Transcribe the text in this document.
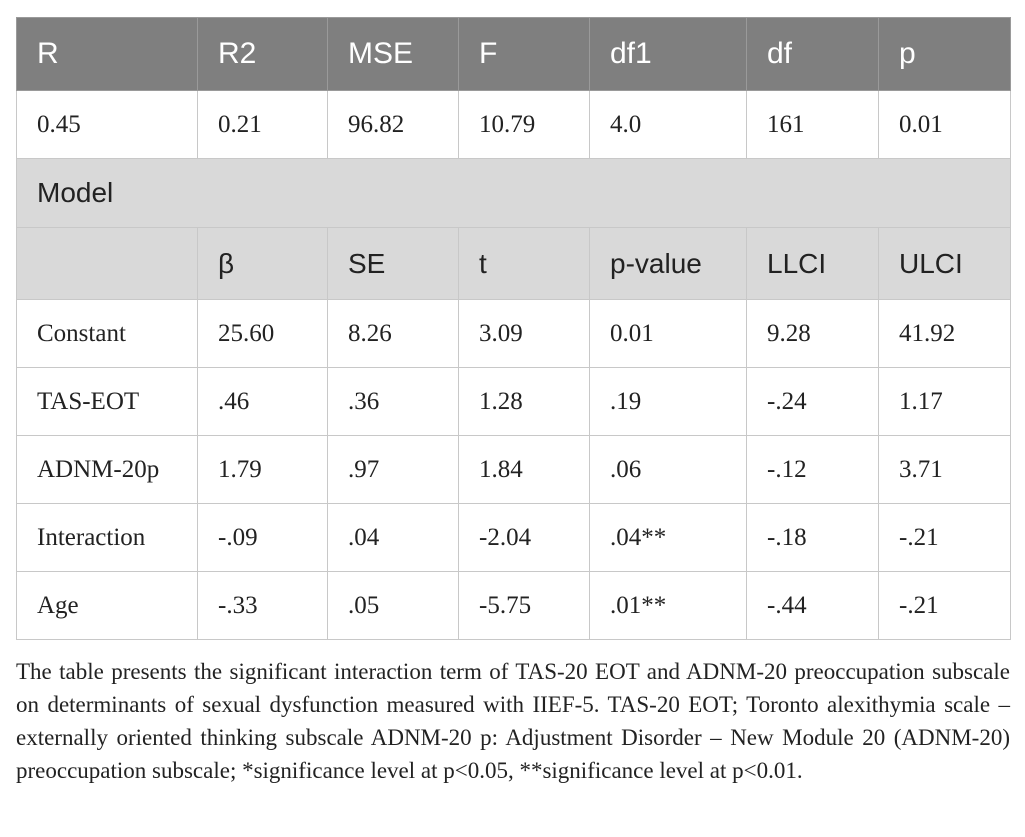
R	R2	MSE	F	df1	df	p
0.45	0.21	96.82	10.79	4.0	161	0.01
Model						
	β	SE	t	p-value	LLCI	ULCI
Constant	25.60	8.26	3.09	0.01	9.28	41.92
TAS-EOT	.46	.36	1.28	.19	-.24	1.17
ADNM-20p	1.79	.97	1.84	.06	-.12	3.71
Interaction	-.09	.04	-2.04	.04**	-.18	-.21
Age	-.33	.05	-5.75	.01**	-.44	-.21

The table presents the significant interaction term of TAS-20 EOT and ADNM-20 preoccupation subscale on determinants of sexual dysfunction measured with IIEF-5. TAS-20 EOT; Toronto alexithymia scale – externally oriented thinking subscale ADNM-20 p: Adjustment Disorder – New Module 20 (ADNM-20) preoccupation subscale; *significance level at p<0.05, **significance level at p<0.01.
